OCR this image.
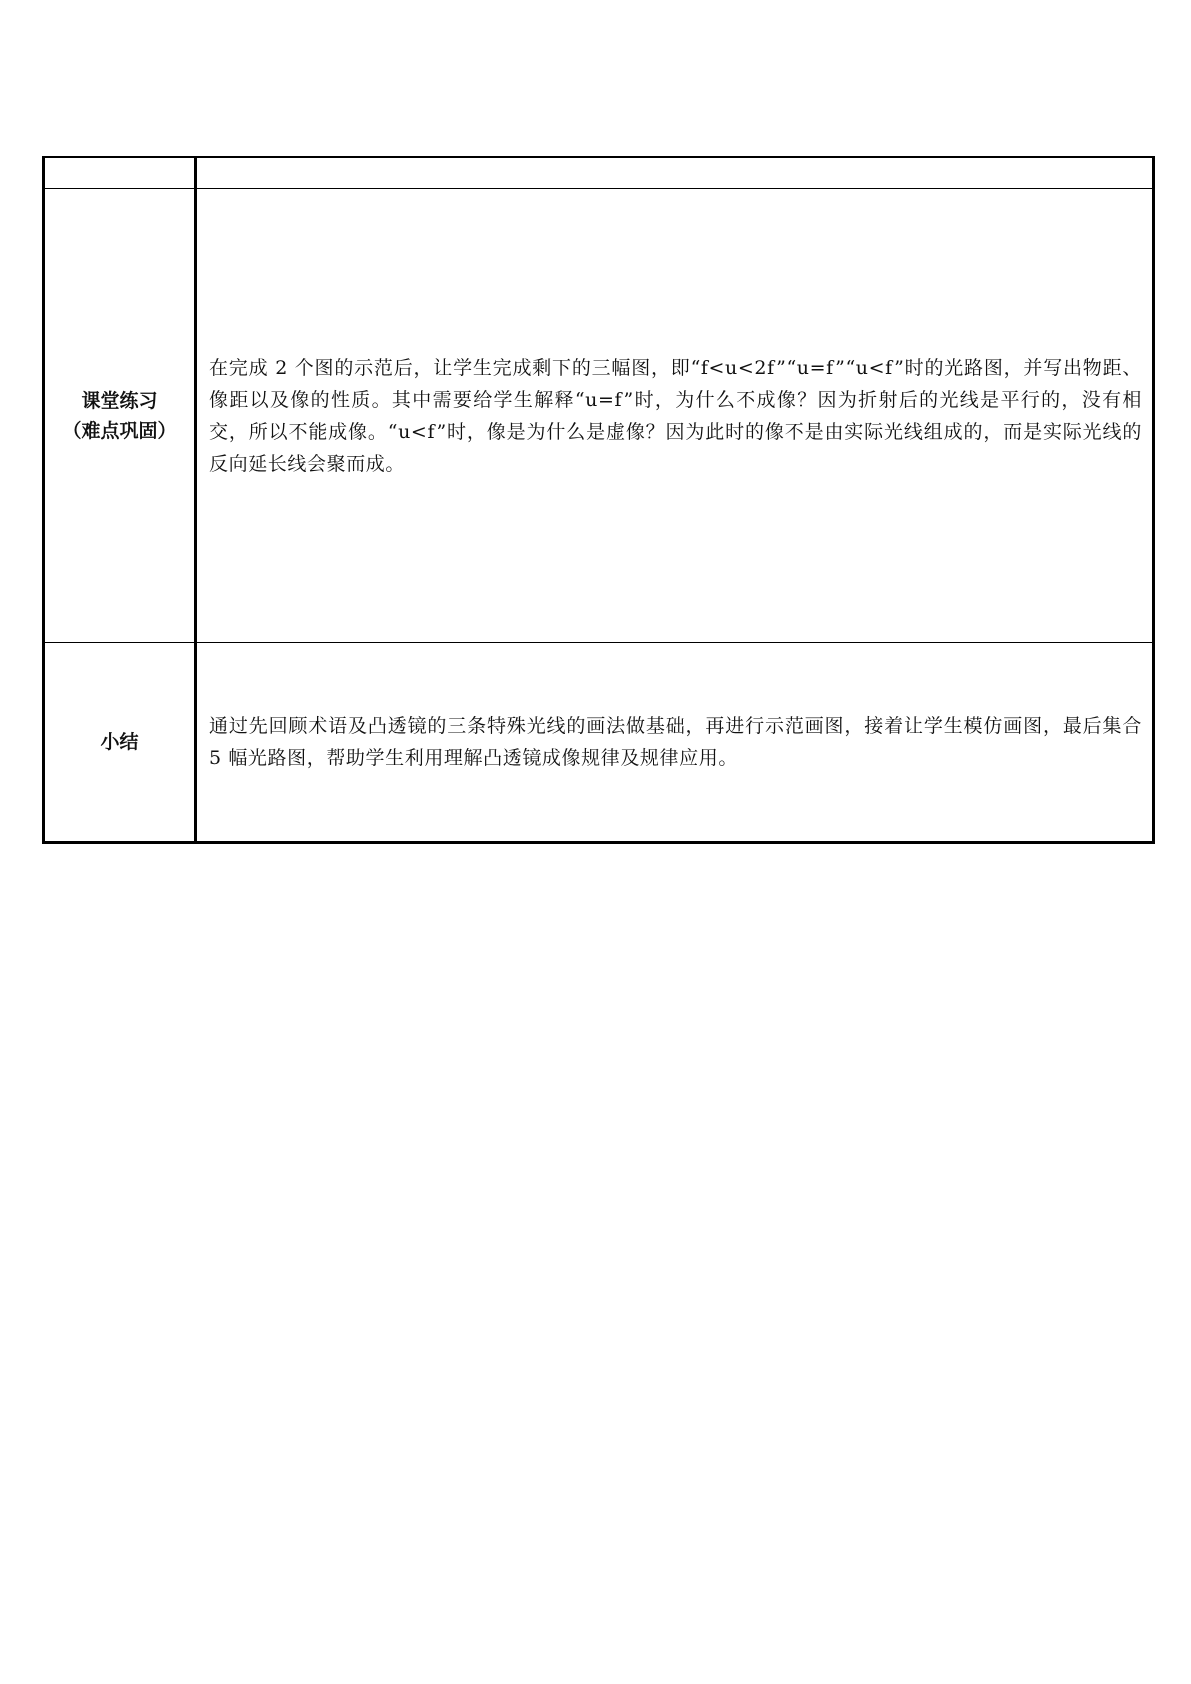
课堂练习
（难点巩固）	在完成 2 个图的示范后，让学生完成剩下的三幅图，即“f<u<2f”“u=f”“u<f”时的光路图，并写出物距、像距以及像的性质。其中需要给学生解释“u=f”时，为什么不成像？因为折射后的光线是平行的，没有相交，所以不能成像。“u<f”时，像是为什么是虚像？因为此时的像不是由实际光线组成的，而是实际光线的反向延长线会聚而成。

小结	通过先回顾术语及凸透镜的三条特殊光线的画法做基础，再进行示范画图，接着让学生模仿画图，最后集合 5 幅光路图，帮助学生利用理解凸透镜成像规律及规律应用。
